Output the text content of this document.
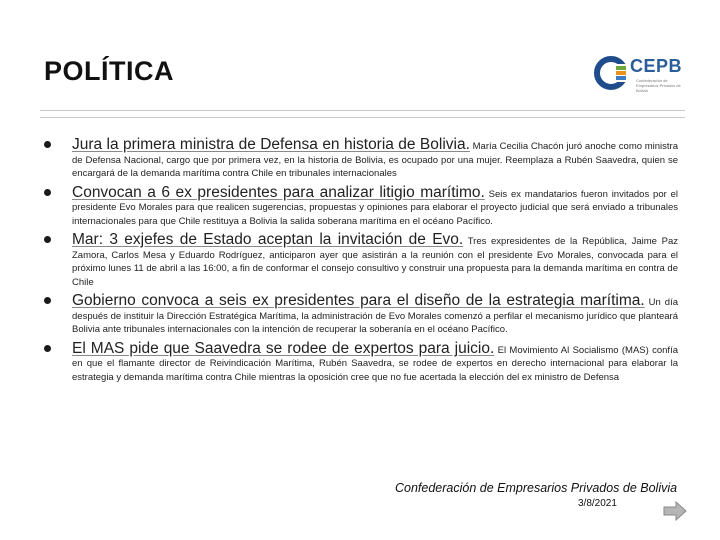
POLÍTICA	CEPB
Confederación de Empresarios Privados de Bolivia
Jura la primera ministra de Defensa en historia de Bolivia. María Cecilia Chacón juró anoche como ministra de Defensa Nacional, cargo que por primera vez, en la historia de Bolivia, es ocupado por una mujer. Reemplaza a Rubén Saavedra, quien se encargará de la demanda marítima contra Chile en tribunales internacionales
Convocan a 6 ex presidentes para analizar litigio marítimo. Seis ex mandatarios fueron invitados por el presidente Evo Morales para que realicen sugerencias, propuestas y opiniones para elaborar el proyecto judicial que será enviado a tribunales internacionales para que Chile restituya a Bolivia la salida soberana marítima en el océano Pacífico.
Mar: 3 exjefes de Estado aceptan la invitación de Evo. Tres expresidentes de la República, Jaime Paz Zamora, Carlos Mesa y Eduardo Rodríguez, anticiparon ayer que asistirán a la reunión con el presidente Evo Morales, convocada para el próximo lunes 11 de abril a las 16:00, a fin de conformar el consejo consultivo y construir una propuesta para la demanda marítima en contra de Chile
Gobierno convoca a seis ex presidentes para el diseño de la estrategia marítima. Un día después de instituir la Dirección Estratégica Marítima, la administración de Evo Morales comenzó a perfilar el mecanismo jurídico que planteará Bolivia ante tribunales internacionales con la intención de recuperar la soberanía en el océano Pacífico.
El MAS pide que Saavedra se rodee de expertos para juicio. El Movimiento Al Socialismo (MAS) confía en que el flamante director de Reivindicación Marítima, Rubén Saavedra, se rodee de expertos en derecho internacional para elaborar la estrategia y demanda marítima contra Chile mientras la oposición cree que no fue acertada la elección del ex ministro de Defensa
Confederación de Empresarios Privados de Bolivia
3/8/2021
